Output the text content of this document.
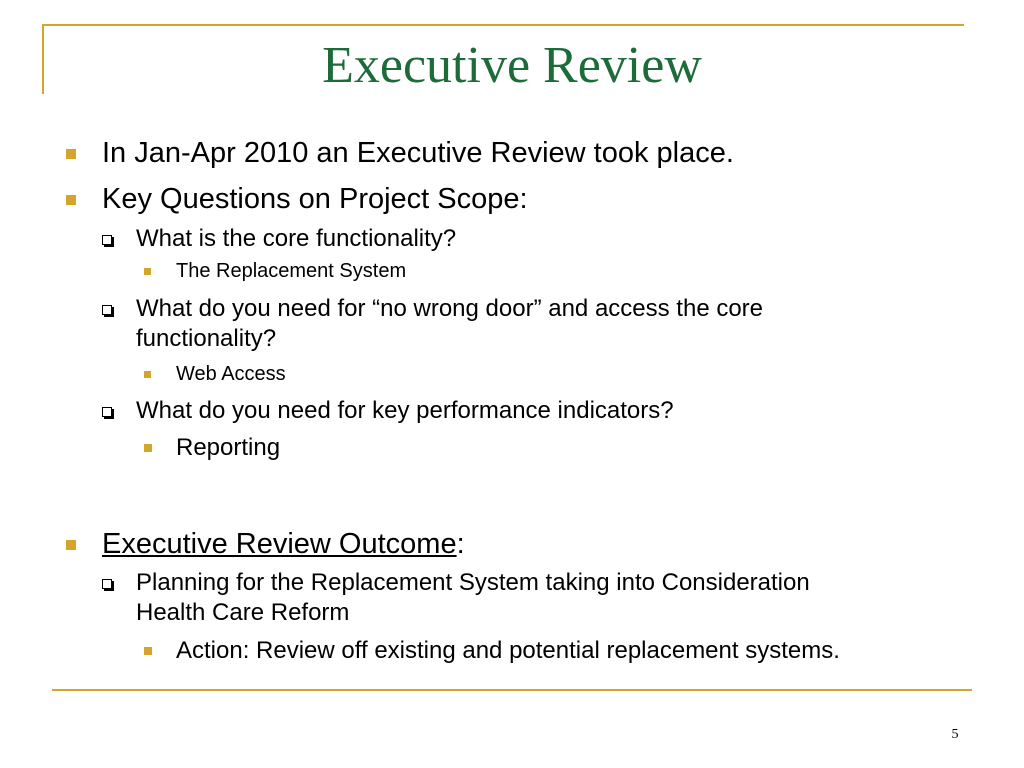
Executive Review
In Jan-Apr 2010 an Executive Review took place.
Key Questions on Project Scope:
What is the core functionality?
The Replacement System
What do you need for “no wrong door” and access the core
functionality?
Web Access
What do you need for key performance indicators?
Reporting
Executive Review Outcome:
Planning for the Replacement System taking into Consideration
Health Care Reform
Action: Review off existing and potential replacement systems.
5
